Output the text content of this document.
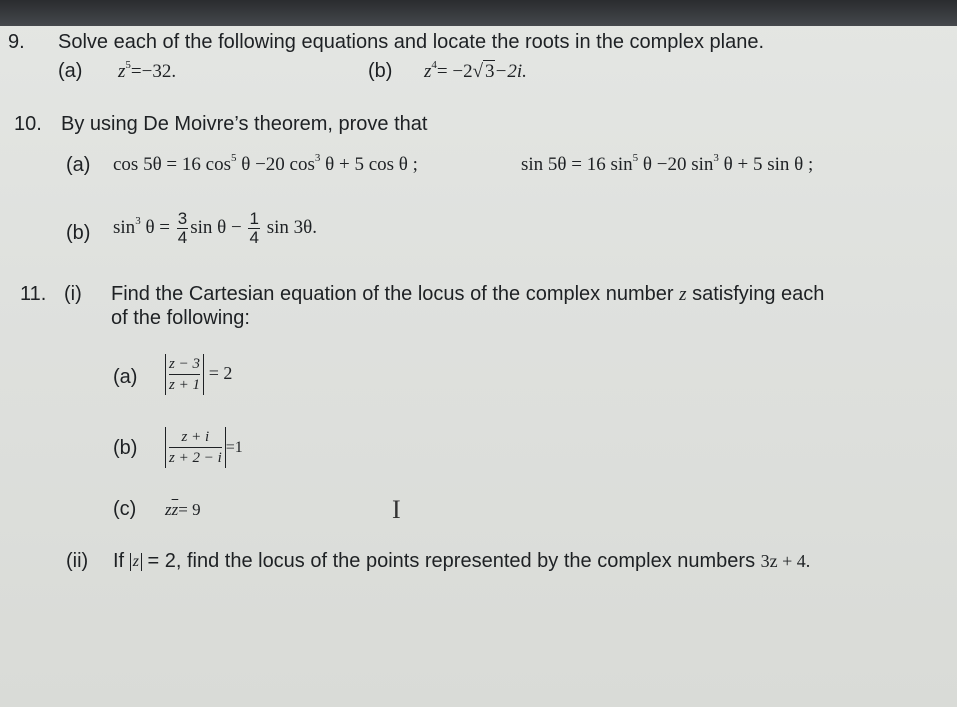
9. Solve each of the following equations and locate the roots in the complex plane.
(a) $z^5=-32$.	(b) $z^4= -2√$ 3−2i.
10. By using De Moivre’s theorem, prove that
(a) cos 5θ = 16 $\cos^5 \theta -20$ $\cos^3 \theta + 5$ cos θ ;	sin 5θ = 16 $\sin^5 \theta -20$ $\sin^3 \theta + 5$ sin θ ;
(b) $\sin^3 \theta = \frac{3}{4}$ $\sin \theta - \frac{1}{4}$ sin 3θ.
11. (i) Find the Cartesian equation of the locus of the complex number z satisfying each
of the following:
$(a) \frac{z - 3}{z + 1} = 2$
$(b) \frac{z + i}{z + 2 - i} =1$
(c) $z\overline{z}= 9$	I
(ii) If z = 2, find the locus of the points represented by the complex numbers 3z + 4.
